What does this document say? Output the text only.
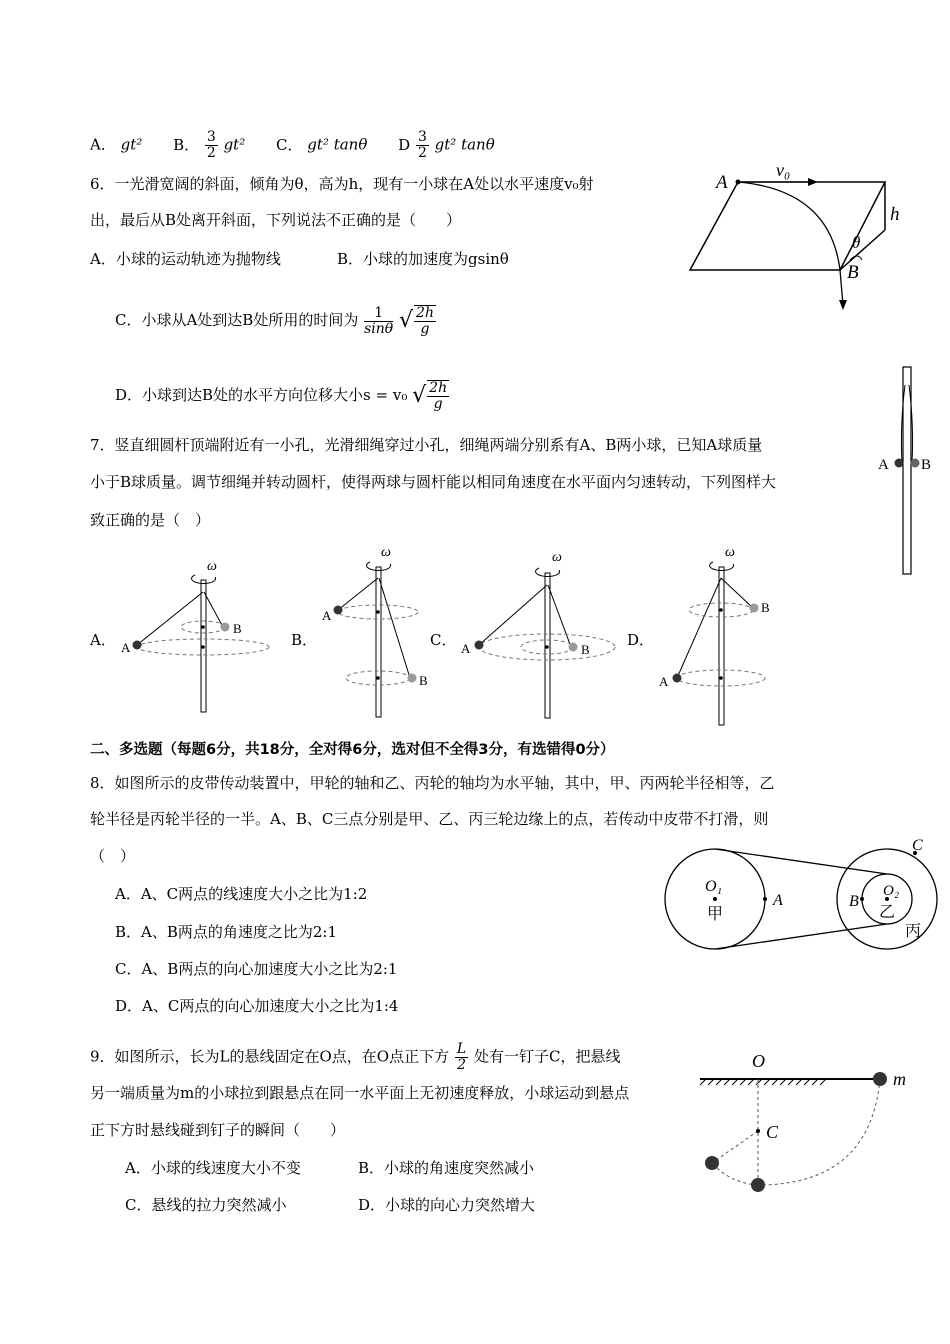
A． gt² B． $\frac{3}{2} gt^2$ C． gt² tanθ D $\frac{3}{2} gt^2$ tanθ
6．一光滑宽阔的斜面，倾角为θ，高为h，现有一小球在A处以水平速度v₀射
出，最后从B处离开斜面，下列说法不正确的是（　　）
A．小球的运动轨迹为抛物线	B．小球的加速度为gsinθ
C．小球从A处到达B处所用的时间为 $\frac{1}{\sin\theta}$ √ $\frac{2h}{g}$
D．小球到达B处的水平方向位移大小s = v₀ √ $\frac{2h}{g}$
A
B
v₀
h
θ
A B
7．竖直细圆杆顶端附近有一小孔，光滑细绳穿过小孔，细绳两端分别系有A、B两小球，已知A球质量
小于B球质量。调节细绳并转动圆杆，使得两球与圆杆能以相同角速度在水平面内匀速转动，下列图样大
致正确的是（　）
A．
ω
A
B
B．
ω
A
B
C．
ω
A	B
D．
ω
B
A
二、多选题（每题6分，共18分，全对得6分，选对但不全得3分，有选错得0分）
8．如图所示的皮带传动装置中，甲轮的轴和乙、丙轮的轴均为水平轴，其中，甲、丙两轮半径相等，乙
轮半径是丙轮半径的一半。A、B、C三点分别是甲、乙、丙三轮边缘上的点，若传动中皮带不打滑，则
（　）
A．A、C两点的线速度大小之比为1:2
B．A、B两点的角速度之比为2:1
C．A、B两点的向心加速度大小之比为2:1
D．A、C两点的向心加速度大小之比为1:4
O₁
甲
A	B
O₂
乙
丙
C
9．如图所示，长为L的悬线固定在O点，在O点正下方 $\frac{L}{2}$ 处有一钉子C，把悬线
另一端质量为m的小球拉到跟悬点在同一水平面上无初速度释放，小球运动到悬点
正下方时悬线碰到钉子的瞬间（　　）
A．小球的线速度大小不变	B．小球的角速度突然减小
C．悬线的拉力突然减小	D．小球的向心力突然增大
O
m
C
